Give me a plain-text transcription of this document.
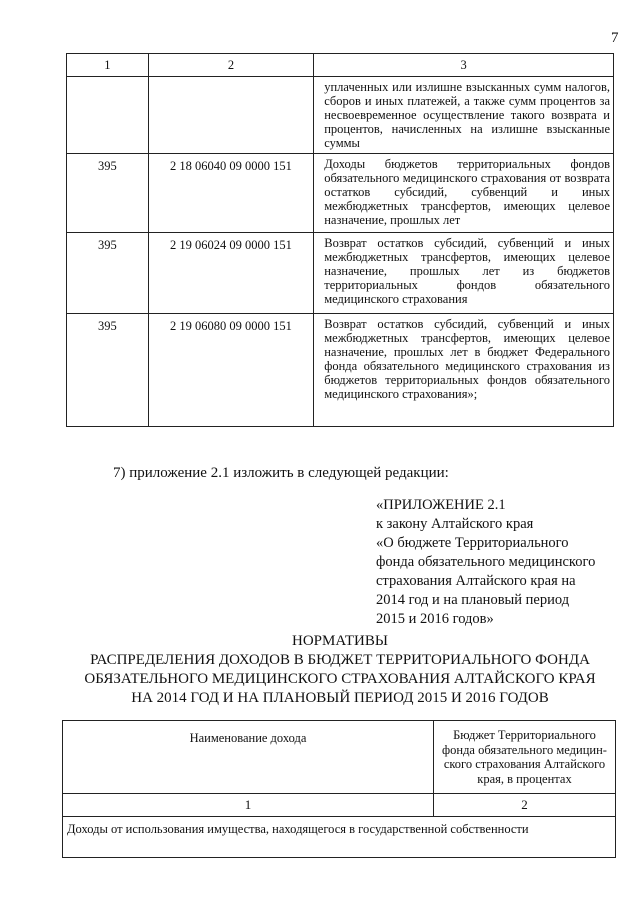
7
1	2	3
		уплаченных или излишне взысканных сумм налогов, сборов и иных платежей, а также сумм процентов за несвоевременное осуществление такого возврата и процентов, начисленных на излишне взысканные суммы
395	2 18 06040 09 0000 151	Доходы бюджетов территориальных фондов обязательного медицинского страхования от возврата остатков субсидий, субвенций и иных межбюджетных трансфертов, имеющих целевое назначение, прошлых лет
395	2 19 06024 09 0000 151	Возврат остатков субсидий, субвенций и иных межбюджетных трансфертов, имеющих целевое назначение, прошлых лет из бюджетов территориальных фондов обязательного медицинского страхования
395	2 19 06080 09 0000 151	Возврат остатков субсидий, субвенций и иных межбюджетных трансфертов, имеющих целевое назначение, прошлых лет в бюджет Федерального фонда обязательного медицинского страхования из бюджетов территориальных фондов обязательного медицинского страхования»;
7) приложение 2.1 изложить в следующей редакции:
«ПРИЛОЖЕНИЕ 2.1
к закону Алтайского края
«О бюджете Территориального
фонда обязательного медицинского
страхования Алтайского края на
2014 год и на плановый период
2015 и 2016 годов»
НОРМАТИВЫ
РАСПРЕДЕЛЕНИЯ ДОХОДОВ В БЮДЖЕТ ТЕРРИТОРИАЛЬНОГО ФОНДА
ОБЯЗАТЕЛЬНОГО МЕДИЦИНСКОГО СТРАХОВАНИЯ АЛТАЙСКОГО КРАЯ
НА 2014 ГОД И НА ПЛАНОВЫЙ ПЕРИОД 2015 И 2016 ГОДОВ
Наименование дохода	Бюджет Территориального
фонда обязательного медицин-
ского страхования Алтайского
края, в процентах

1	2
Доходы от использования имущества, находящегося в государственной собственности	
